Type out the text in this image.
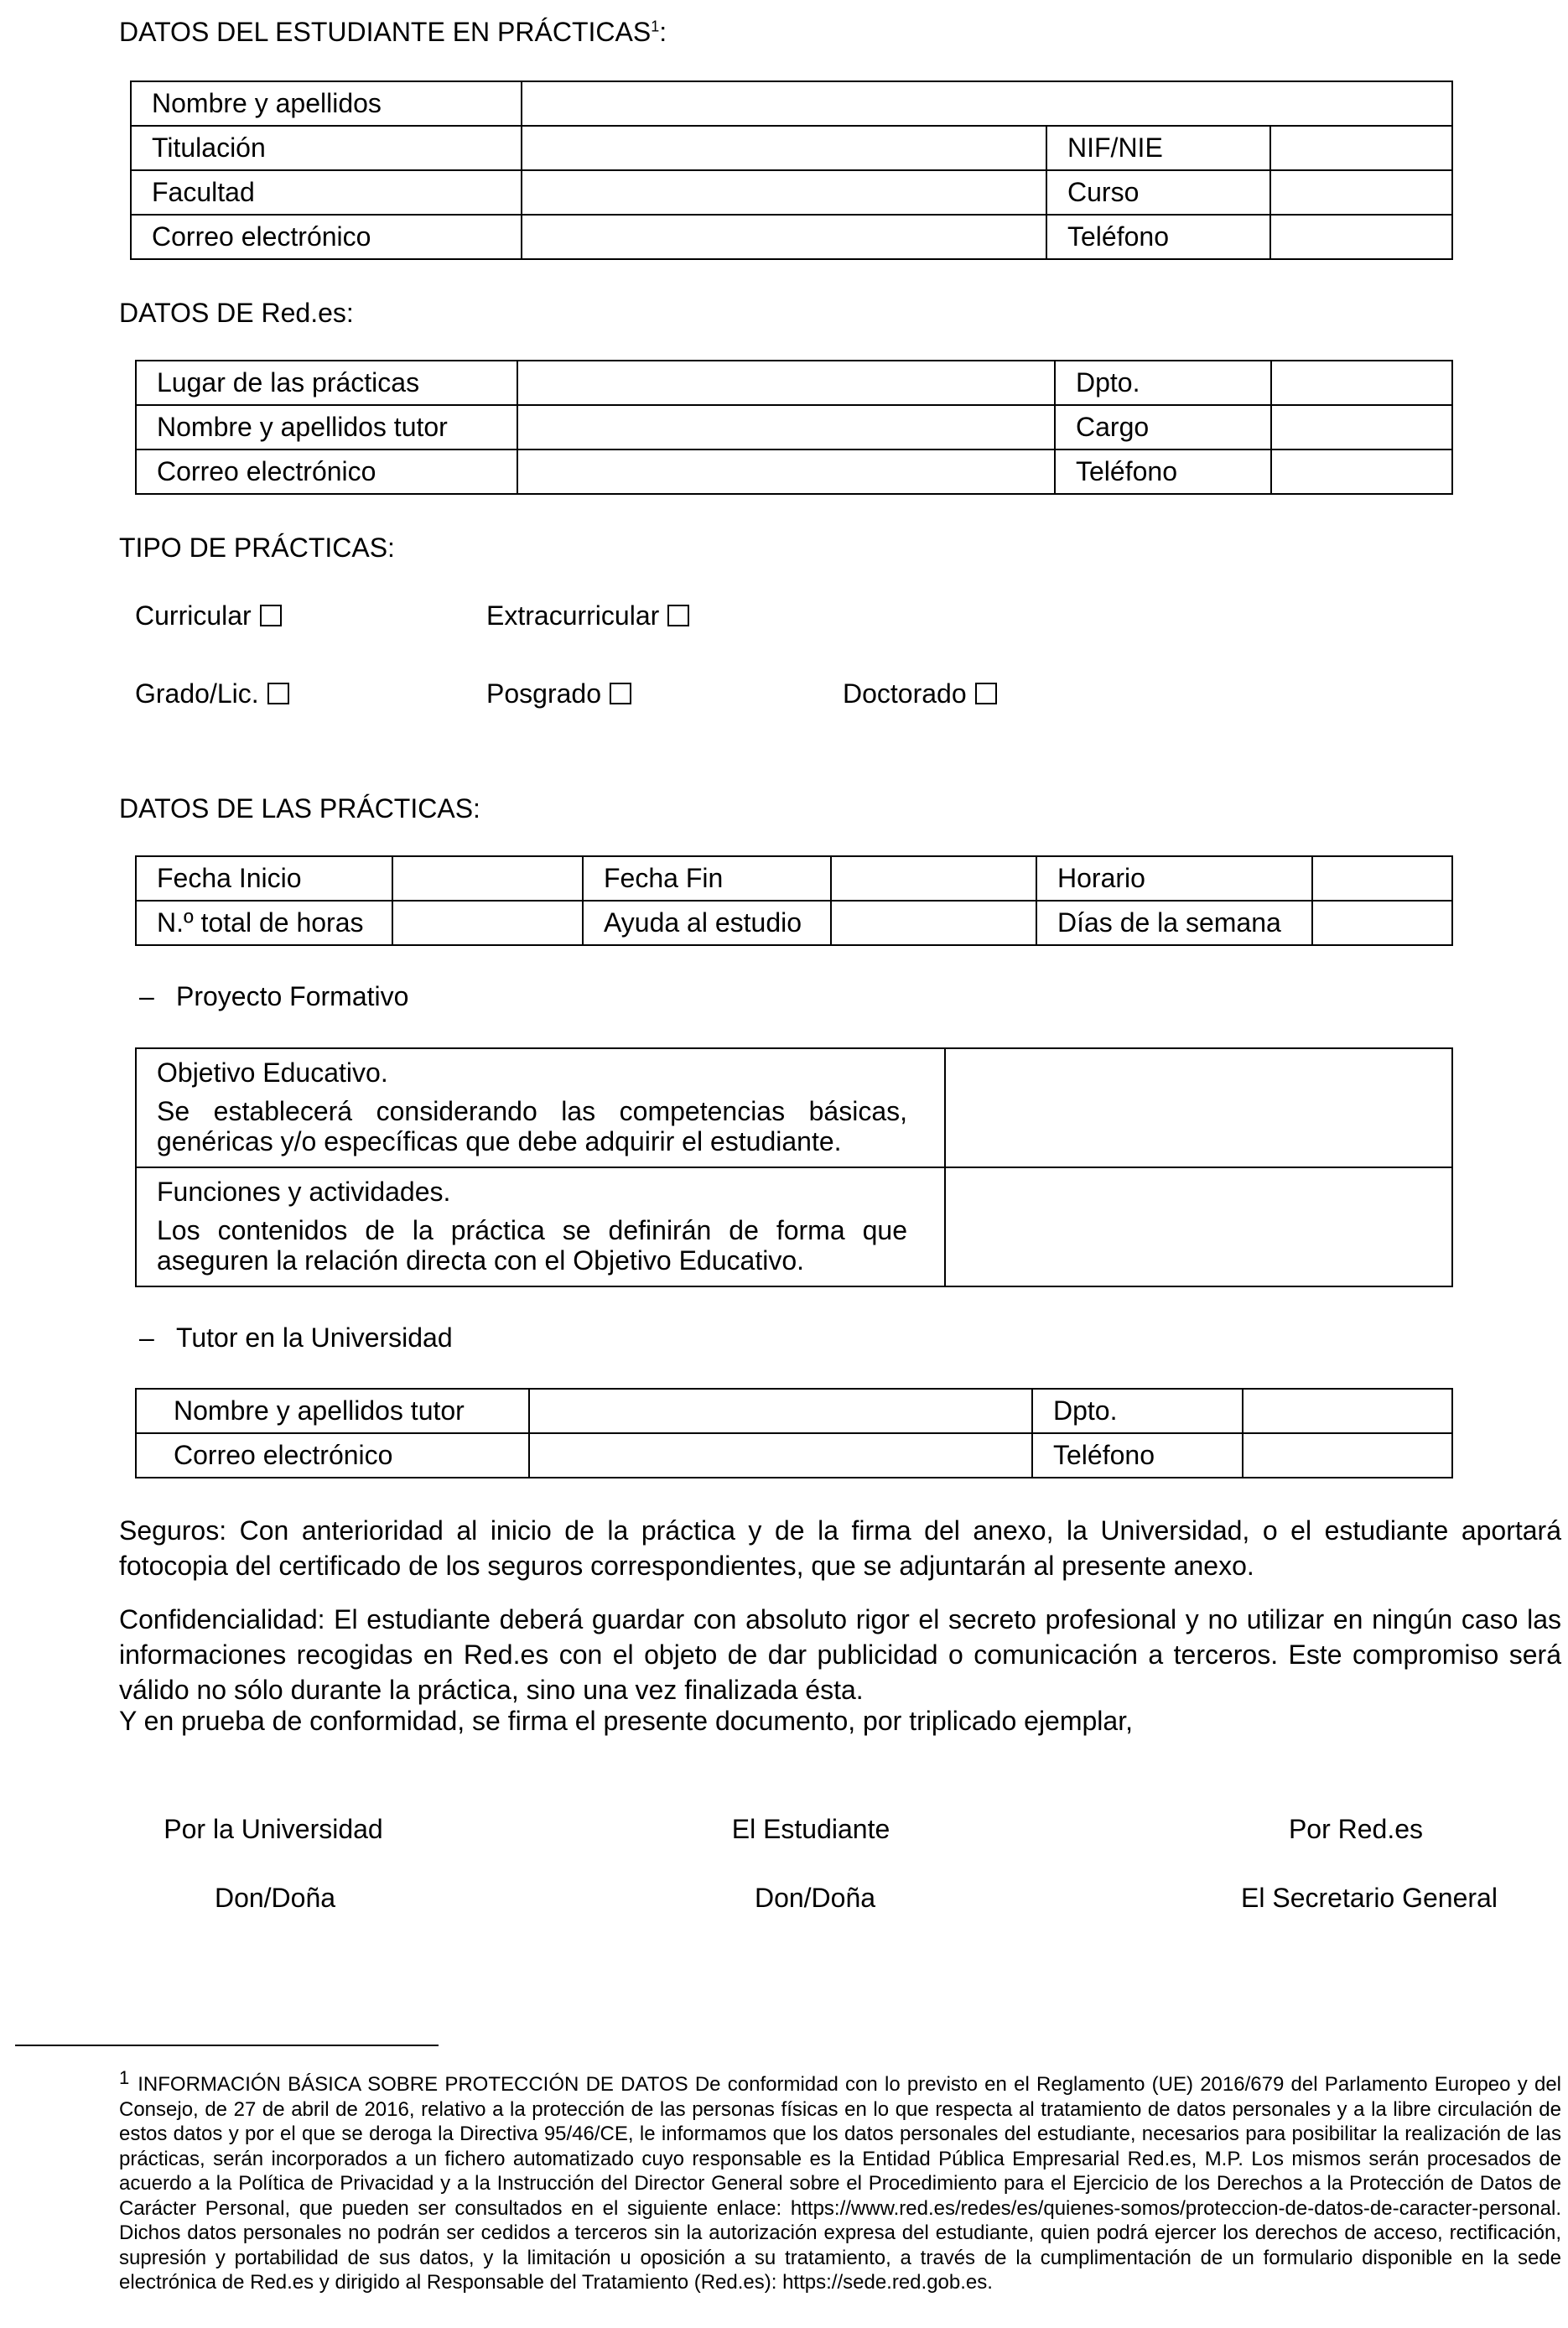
DATOS DEL ESTUDIANTE EN PRÁCTICAS$^1$:
Nombre y apellidos			
Titulación		NIF/NIE	
Facultad		Curso	
Correo electrónico		Teléfono	
DATOS DE Red.es:
Lugar de las prácticas		Dpto.	
Nombre y apellidos tutor		Cargo	
Correo electrónico		Teléfono	
TIPO DE PRÁCTICAS:
Curricular	Extracurricular
Grado/Lic.	Posgrado	Doctorado
DATOS DE LAS PRÁCTICAS:
Fecha Inicio		Fecha Fin		Horario	
N.º total de horas		Ayuda al estudio		Días de la semana	
– Proyecto Formativo
Objetivo Educativo.
Se establecerá considerando las competencias básicas, genéricas y/o específicas que debe adquirir el estudiante.	

Funciones y actividades.
Los contenidos de la práctica se definirán de forma que aseguren la relación directa con el Objetivo Educativo.	

– Tutor en la Universidad
Nombre y apellidos tutor		Dpto.	
Correo electrónico		Teléfono	
Seguros: Con anterioridad al inicio de la práctica y de la firma del anexo, la Universidad, o el estudiante aportará fotocopia del certificado de los seguros correspondientes, que se adjuntarán al presente anexo.
Confidencialidad: El estudiante deberá guardar con absoluto rigor el secreto profesional y no utilizar en ningún caso las informaciones recogidas en Red.es con el objeto de dar publicidad o comunicación a terceros. Este compromiso será válido no sólo durante la práctica, sino una vez finalizada ésta.
Y en prueba de conformidad, se firma el presente documento, por triplicado ejemplar,
Por la Universidad	El Estudiante	Por Red.es
Don/Doña	Don/Doña	El Secretario General
1 INFORMACIÓN BÁSICA SOBRE PROTECCIÓN DE DATOS De conformidad con lo previsto en el Reglamento (UE) 2016/679 del Parlamento Europeo y del Consejo, de 27 de abril de 2016, relativo a la protección de las personas físicas en lo que respecta al tratamiento de datos personales y a la libre circulación de estos datos y por el que se deroga la Directiva 95/46/CE, le informamos que los datos personales del estudiante, necesarios para posibilitar la realización de las prácticas, serán incorporados a un fichero automatizado cuyo responsable es la Entidad Pública Empresarial Red.es, M.P. Los mismos serán procesados de acuerdo a la Política de Privacidad y a la Instrucción del Director General sobre el Procedimiento para el Ejercicio de los Derechos a la Protección de Datos de Carácter Personal, que pueden ser consultados en el siguiente enlace: https://www.red.es/redes/es/quienes-somos/proteccion-de-datos-de-caracter-personal. Dichos datos personales no podrán ser cedidos a terceros sin la autorización expresa del estudiante, quien podrá ejercer los derechos de acceso, rectificación, supresión y portabilidad de sus datos, y la limitación u oposición a su tratamiento, a través de la cumplimentación de un formulario disponible en la sede electrónica de Red.es y dirigido al Responsable del Tratamiento (Red.es): https://sede.red.gob.es.
